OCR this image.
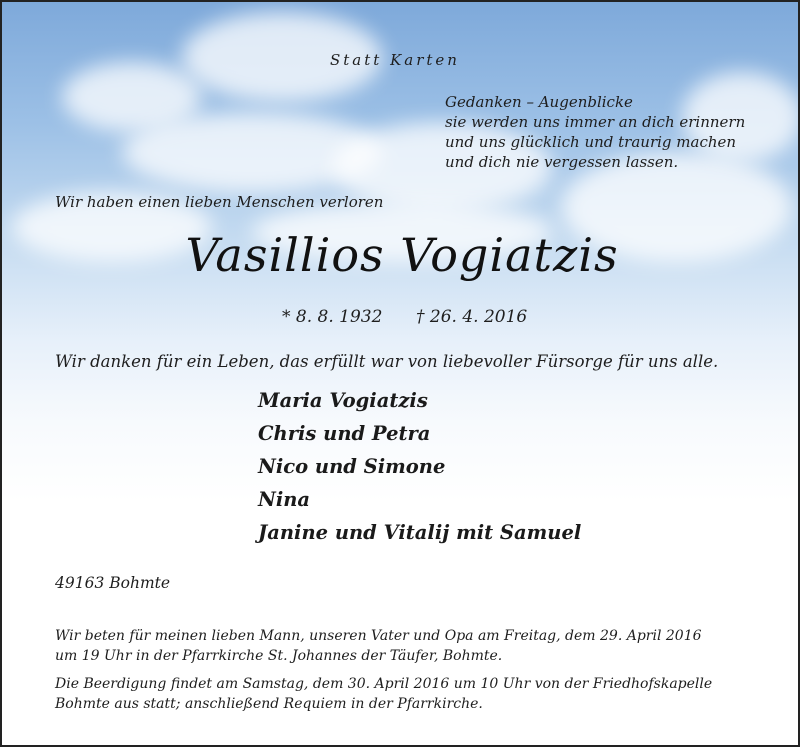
Statt Karten
Gedanken – Augenblicke
sie werden uns immer an dich erinnern
und uns glücklich und traurig machen
und dich nie vergessen lassen.
Wir haben einen lieben Menschen verloren
Vasillios Vogiatzis
* 8. 8. 1932 † 26. 4. 2016
Wir danken für ein Leben, das erfüllt war von liebevoller Fürsorge für uns alle.
Maria Vogiatzis
Chris und Petra
Nico und Simone
Nina
Janine und Vitalij mit Samuel
49163 Bohmte
Wir beten für meinen lieben Mann, unseren Vater und Opa am Freitag, dem 29. April 2016
um 19 Uhr in der Pfarrkirche St. Johannes der Täufer, Bohmte.
Die Beerdigung findet am Samstag, dem 30. April 2016 um 10 Uhr von der Friedhofskapelle
Bohmte aus statt; anschließend Requiem in der Pfarrkirche.
